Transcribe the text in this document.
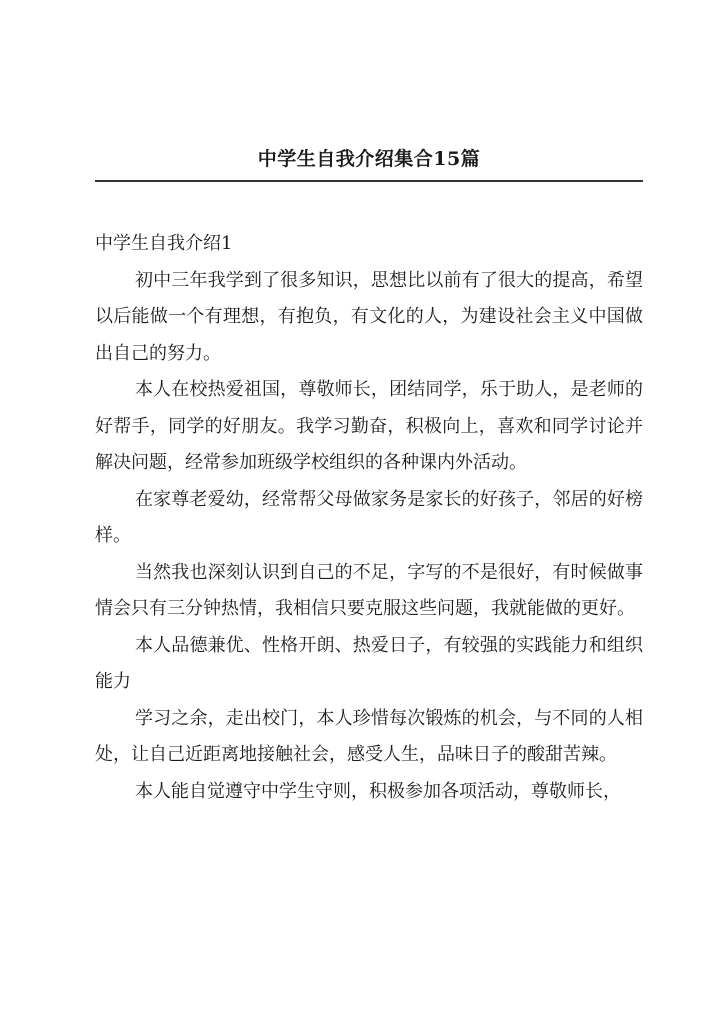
中学生自我介绍集合15篇

中学生自我介绍1

初中三年我学到了很多知识，思想比以前有了很大的提高，希望以后能做一个有理想，有抱负，有文化的人，为建设社会主义中国做出自己的努力。

本人在校热爱祖国，尊敬师长，团结同学，乐于助人，是老师的好帮手，同学的好朋友。我学习勤奋，积极向上，喜欢和同学讨论并解决问题，经常参加班级学校组织的各种课内外活动。

在家尊老爱幼，经常帮父母做家务是家长的好孩子，邻居的好榜样。

当然我也深刻认识到自己的不足，字写的不是很好，有时候做事情会只有三分钟热情，我相信只要克服这些问题，我就能做的更好。

本人品德兼优、性格开朗、热爱日子，有较强的实践能力和组织能力

学习之余，走出校门，本人珍惜每次锻炼的机会，与不同的人相处，让自己近距离地接触社会，感受人生，品味日子的酸甜苦辣。

本人能自觉遵守中学生守则，积极参加各项活动，尊敬师长，
